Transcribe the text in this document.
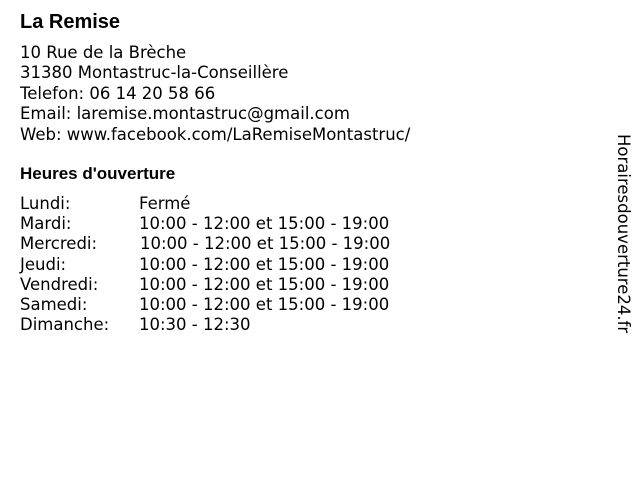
La Remise
10 Rue de la Brèche
31380 Montastruc-la-Conseillère
Telefon: 06 14 20 58 66
Email: laremise.montastruc@gmail.com
Web: www.facebook.com/LaRemiseMontastruc/
Heures d'ouverture
Lundi:	Fermé
Mardi:	10:00 - 12:00 et 15:00 - 19:00
Mercredi:	10:00 - 12:00 et 15:00 - 19:00
Jeudi:	10:00 - 12:00 et 15:00 - 19:00
Vendredi: 10:00 - 12:00 et 15:00 - 19:00
Samedi:	10:00 - 12:00 et 15:00 - 19:00
Dimanche: 10:30 - 12:30	Horairesdouverture24.fr
